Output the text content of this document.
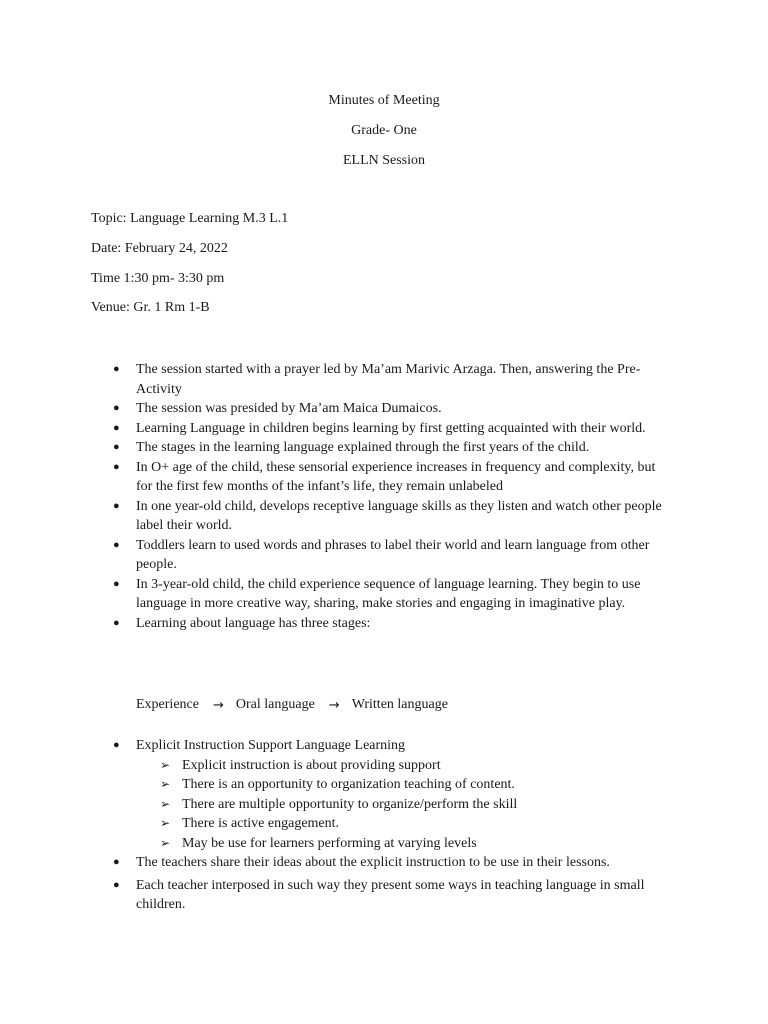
Minutes of Meeting
Grade- One
ELLN Session
Topic: Language Learning M.3 L.1
Date: February 24, 2022
Time 1:30 pm- 3:30 pm
Venue: Gr. 1 Rm 1-B
●	The session started with a prayer led by Ma’am Marivic Arzaga. Then, answering the Pre-Activity
●	The session was presided by Ma’am Maica Dumaicos.
●	Learning Language in children begins learning by first getting acquainted with their world.
●	The stages in the learning language explained through the first years of the child.
●	In O+ age of the child, these sensorial experience increases in frequency and complexity, but for the first few months of the infant’s life, they remain unlabeled
●	In one year-old child, develops receptive language skills as they listen and watch other people label their world.
●	Toddlers learn to used words and phrases to label their world and learn language from other people.
●	In 3-year-old child, the child experience sequence of language learning. They begin to use language in more creative way, sharing, make stories and engaging in imaginative play.
●	Learning about language has three stages:
Experience → Oral language → Written language
●	Explicit Instruction Support Language Learning
➢ Explicit instruction is about providing support
➢ There is an opportunity to organization teaching of content.
➢ There are multiple opportunity to organize/perform the skill
➢ There is active engagement.
➢ May be use for learners performing at varying levels
●	The teachers share their ideas about the explicit instruction to be use in their lessons.
●	Each teacher interposed in such way they present some ways in teaching language in small children.
